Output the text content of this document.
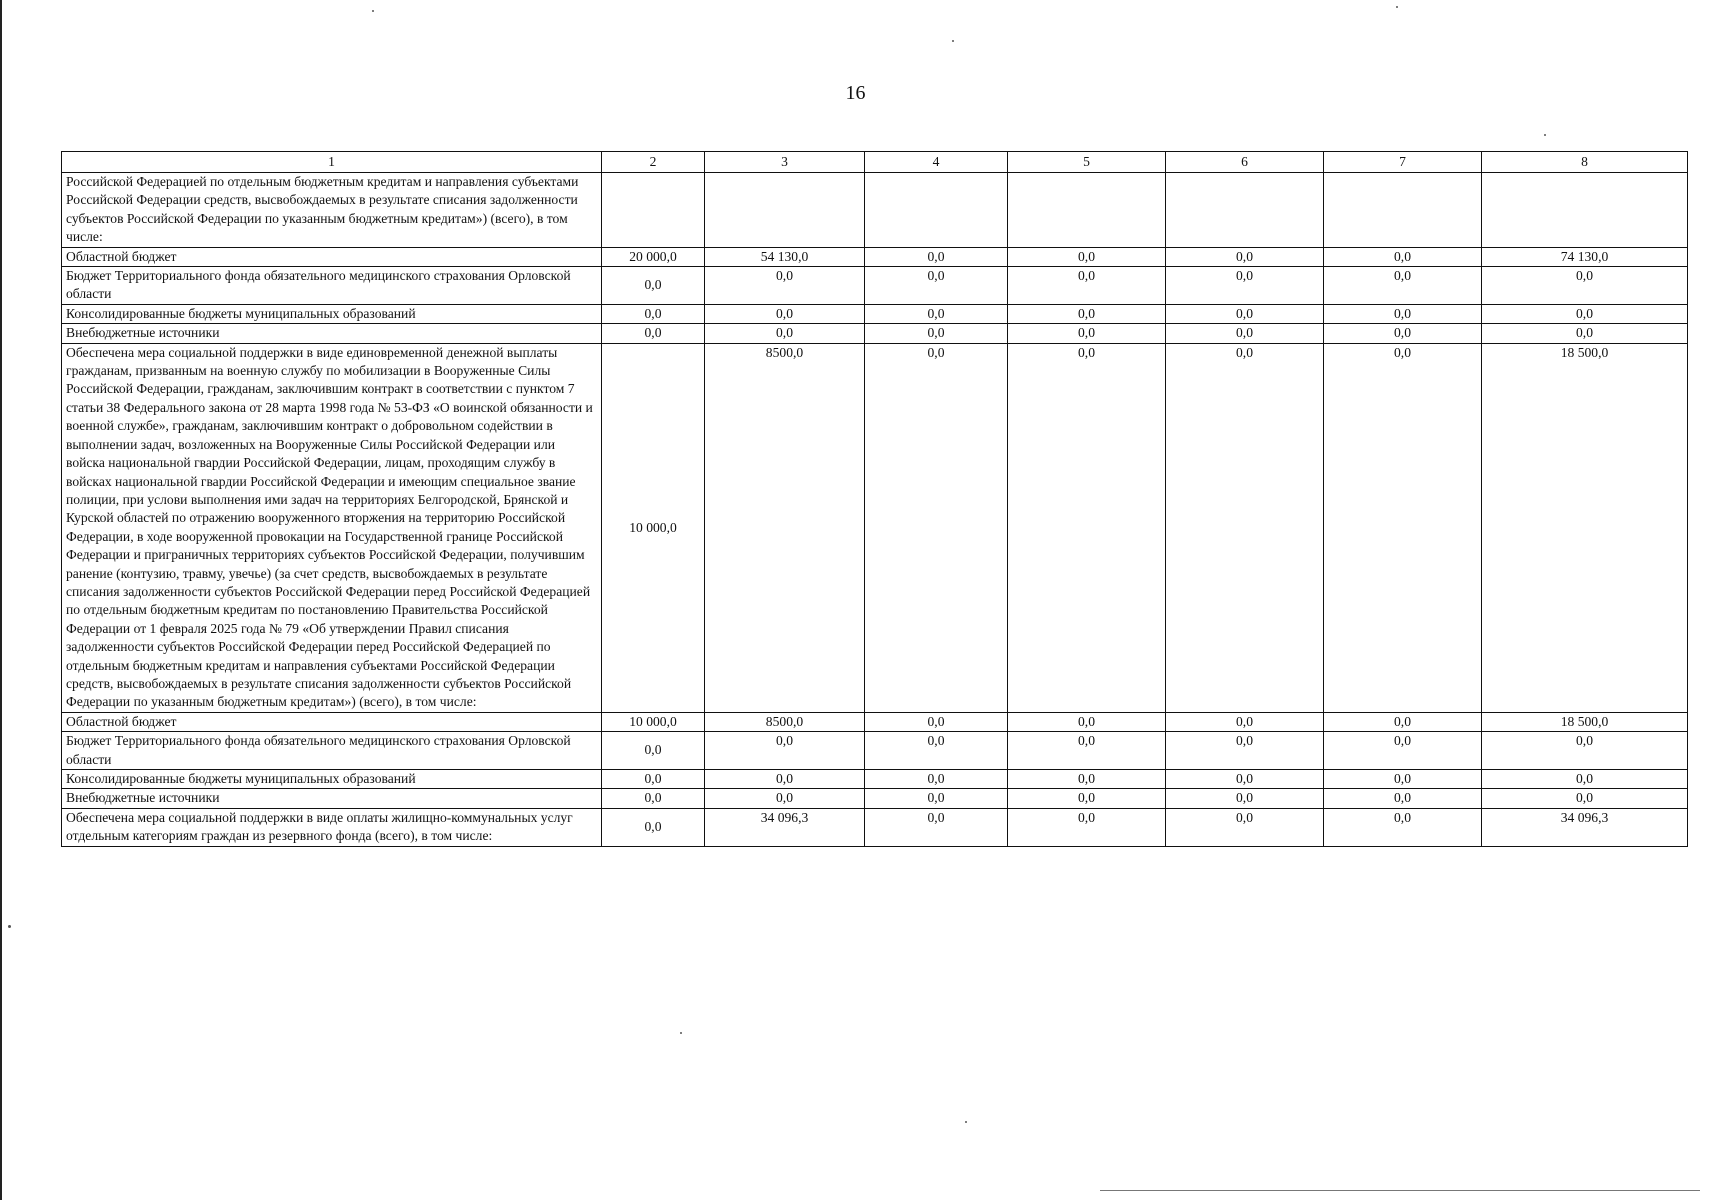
16
1	2	3	4	5	6	7	8
Российской Федерацией по отдельным бюджетным кредитам и направления субъектами Российской Федерации средств, высвобождаемых в результате списания задолженности субъектов Российской Федерации по указанным бюджетным кредитам») (всего), в том числе:							
Областной бюджет	20 000,0	54 130,0	0,0	0,0	0,0	0,0	74 130,0
Бюджет Территориального фонда обязательного медицинского страхования Орловской области	0,0	0,0	0,0	0,0	0,0	0,0	0,0
Консолидированные бюджеты муниципальных образований	0,0	0,0	0,0	0,0	0,0	0,0	0,0
Внебюджетные источники	0,0	0,0	0,0	0,0	0,0	0,0	0,0
Обеспечена мера социальной поддержки в виде единовременной денежной выплаты гражданам, призванным на военную службу по мобилизации в Вооруженные Силы Российской Федерации, гражданам, заключившим контракт в соответствии с пунктом 7 статьи 38 Федерального закона от 28 марта 1998 года № 53-ФЗ «О воинской обязанности и военной службе», гражданам, заключившим контракт о добровольном содействии в выполнении задач, возложенных на Вооруженные Силы Российской Федерации или войска национальной гвардии Российской Федерации, лицам, проходящим службу в войсках национальной гвардии Российской Федерации и имеющим специальное звание полиции, при услови выполнения ими задач на территориях Белгородской, Брянской и Курской областей по отражению вооруженного вторжения на территорию Российской Федерации, в ходе вооруженной провокации на Государственной границе Российской Федерации и приграничных территориях субъектов Российской Федерации, получившим ранение (контузию, травму, увечье) (за счет средств, высвобождаемых в результате списания задолженности субъектов Российской Федерации перед Российской Федерацией по отдельным бюджетным кредитам по постановлению Правительства Российской Федерации от 1 февраля 2025 года № 79 «Об утверждении Правил списания задолженности субъектов Российской Федерации перед Российской Федерацией по отдельным бюджетным кредитам и направления субъектами Российской Федерации средств, высвобождаемых в результате списания задолженности субъектов Российской Федерации по указанным бюджетным кредитам») (всего), в том числе:	10 000,0	8500,0	0,0	0,0	0,0	0,0	18 500,0
Областной бюджет	10 000,0	8500,0	0,0	0,0	0,0	0,0	18 500,0
Бюджет Территориального фонда обязательного медицинского страхования Орловской области	0,0	0,0	0,0	0,0	0,0	0,0	0,0
Консолидированные бюджеты муниципальных образований	0,0	0,0	0,0	0,0	0,0	0,0	0,0
Внебюджетные источники	0,0	0,0	0,0	0,0	0,0	0,0	0,0
Обеспечена мера социальной поддержки в виде оплаты жилищно-коммунальных услуг отдельным категориям граждан из резервного фонда (всего), в том числе:	0,0	34 096,3	0,0	0,0	0,0	0,0	34 096,3
